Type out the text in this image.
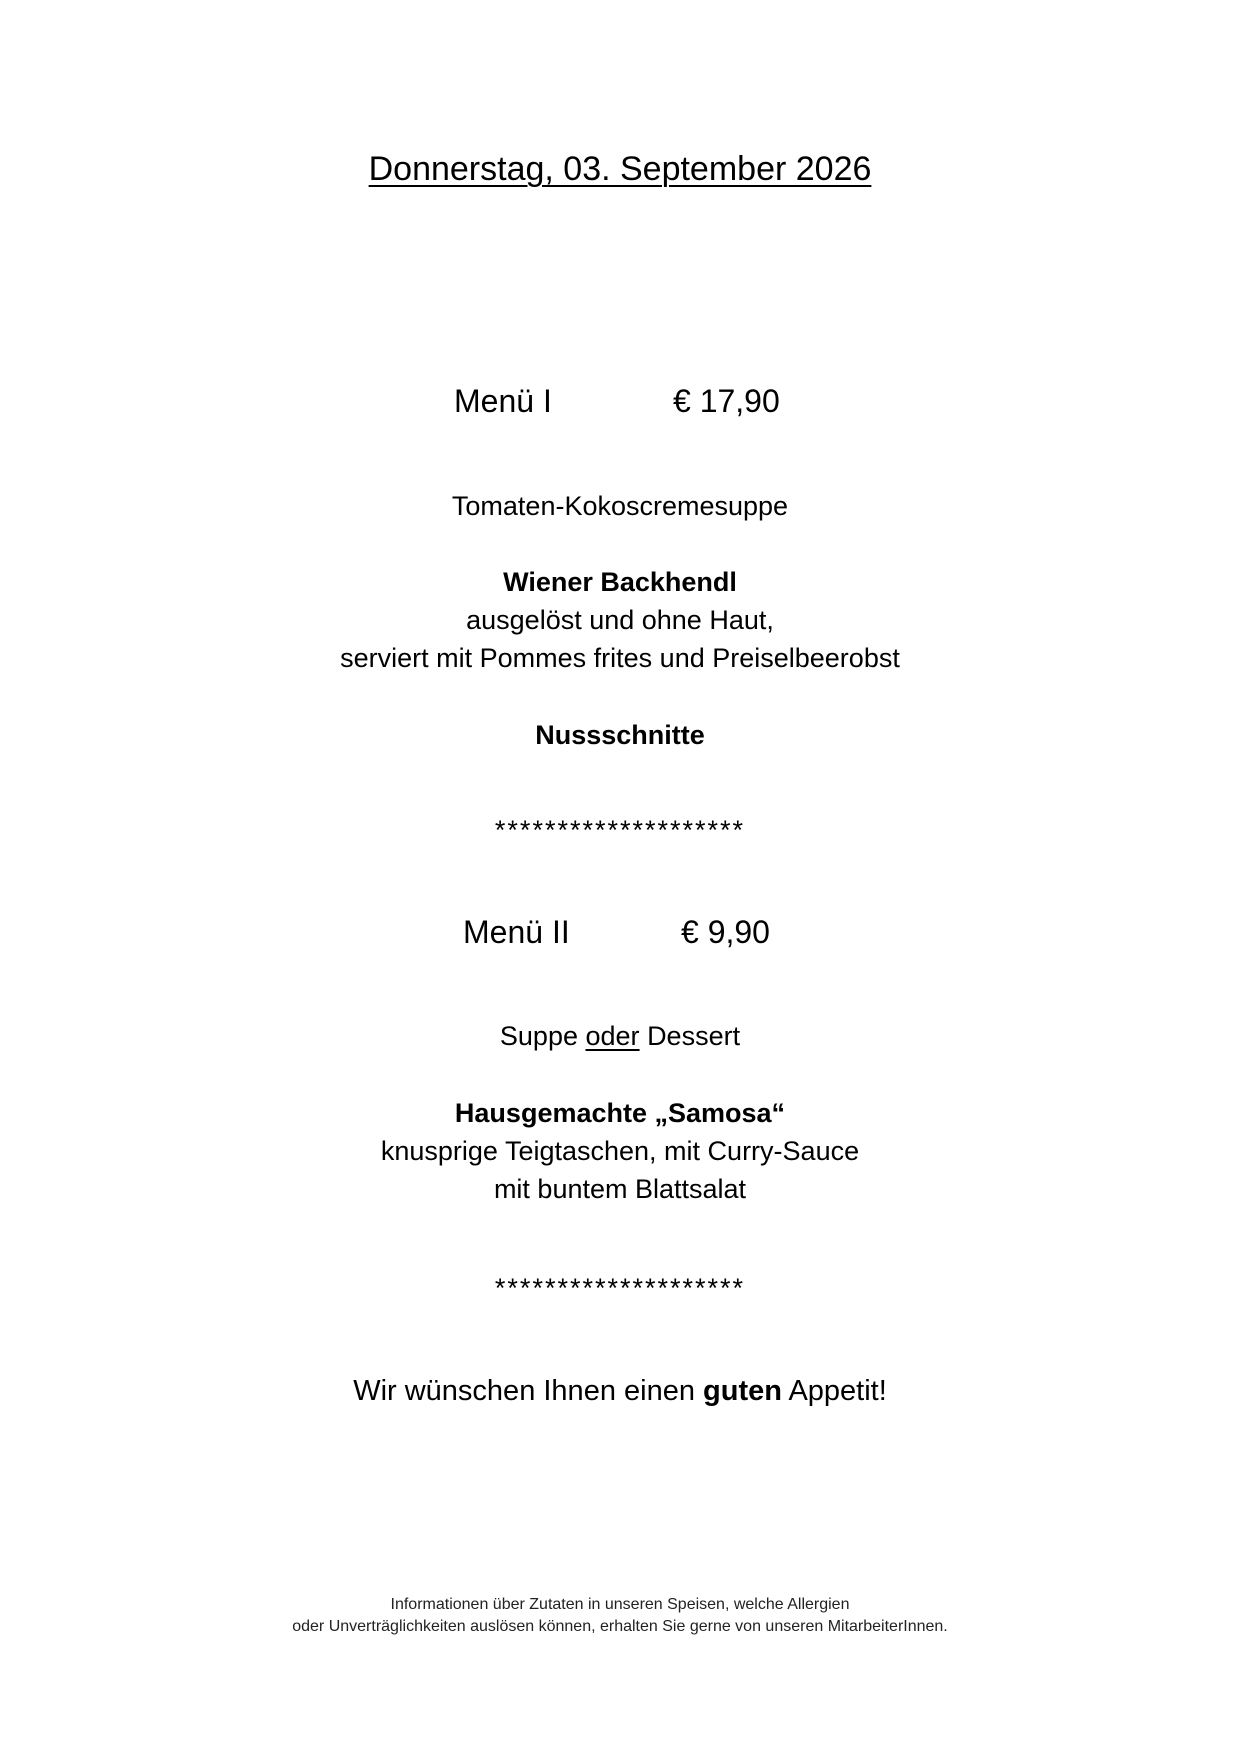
Donnerstag, 03. September 2026
Menü I	€ 17,90
Tomaten-Kokoscremesuppe
Wiener Backhendl
ausgelöst und ohne Haut,
serviert mit Pommes frites und Preiselbeerobst
Nussschnitte
********************
Menü II	€ 9,90
Suppe oder Dessert
Hausgemachte „Samosa“
knusprige Teigtaschen, mit Curry-Sauce
mit buntem Blattsalat
********************
Wir wünschen Ihnen einen guten Appetit!
Informationen über Zutaten in unseren Speisen, welche Allergien
oder Unverträglichkeiten auslösen können, erhalten Sie gerne von unseren MitarbeiterInnen.
